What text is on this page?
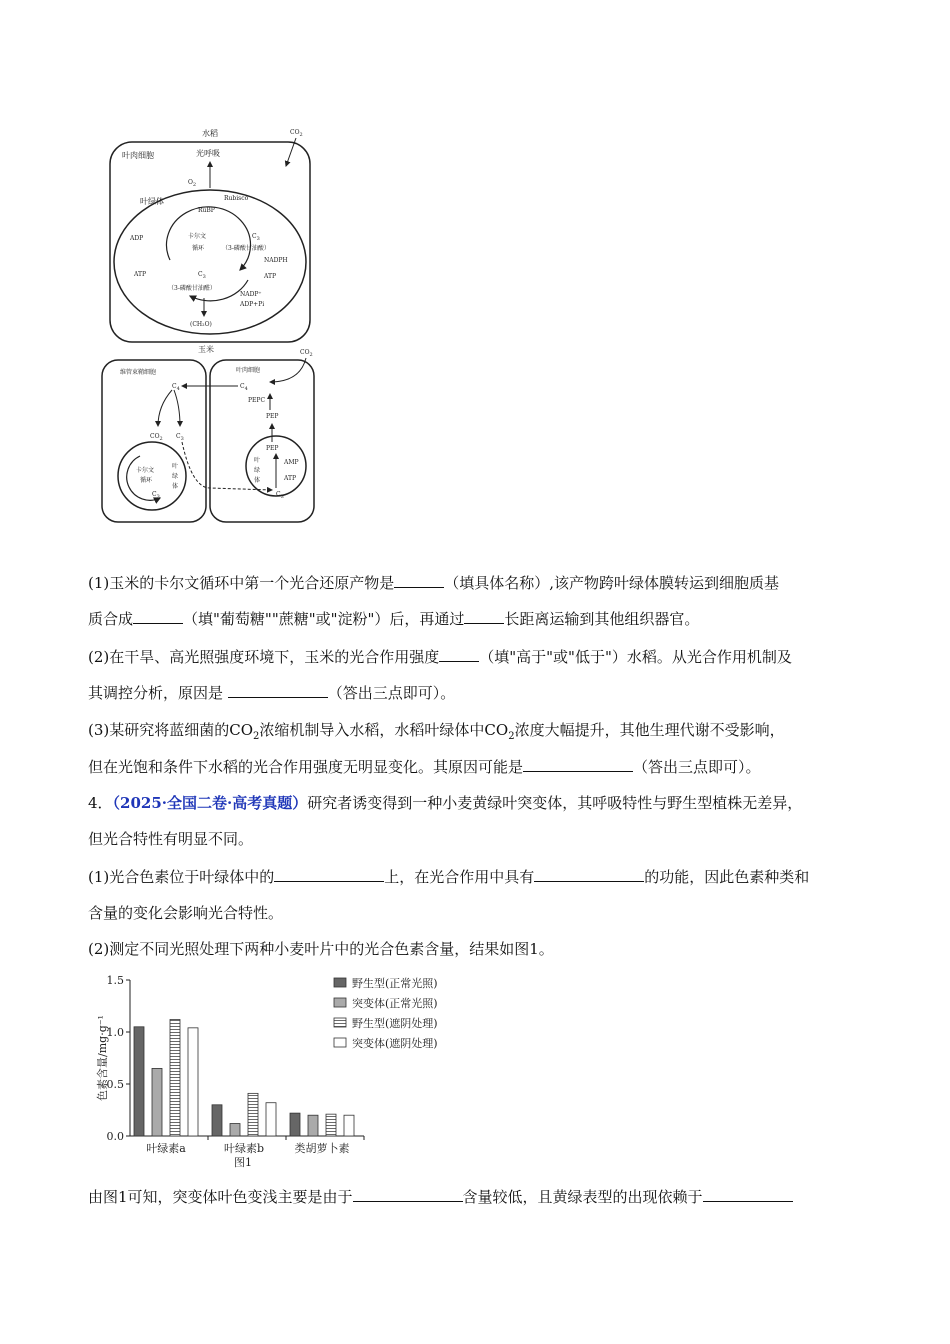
水稻	$CO_2$
叶肉细胞	光呼吸
$O_2$
Rubisco
叶绿体
RuBP
卡尔文
循环
$C_3$
（3-磷酸甘油酸）
ADP
ATP
NADPH
ATP
$C_3$
（3-磷酸甘油醛）
NADP⁺
ADP+Pi
(CH₂O)
玉米
维管束鞘细胞	叶肉细胞
$CO_2$
$C_4$
$C_4$
PEPC
PEP
$CO_2$ $C_3$
卡尔文
循环
$C_3$
叶
绿
体
PEP
叶
绿
体
AMP
ATP
$C_3$
(1)玉米的卡尔文循环中第一个光合还原产物是	（填具体名称）,该产物跨叶绿体膜转运到细胞质基
质合成	（填"葡萄糖""蔗糖"或"淀粉"）后，再通过	长距离运输到其他组织器官。
(2)在干旱、高光照强度环境下，玉米的光合作用强度	（填"高于"或"低于"）水稻。从光合作用机制及
其调控分析，原因是	（答出三点即可）。
(3)某研究将蓝细菌的$CO_2$浓缩机制导入水稻，水稻叶绿体中$CO_2$浓度大幅提升，其他生理代谢不受影响，
但在光饱和条件下水稻的光合作用强度无明显变化。其原因可能是	（答出三点即可）。
4．（2025·全国二卷·高考真题）研究者诱变得到一种小麦黄绿叶突变体，其呼吸特性与野生型植株无差异，
但光合特性有明显不同。
(1)光合色素位于叶绿体中的	上，在光合作用中具有	的功能，因此色素种类和
含量的变化会影响光合特性。
(2)测定不同光照处理下两种小麦叶片中的光合色素含量，结果如图1。
0.0
0.5
1.0
1.5
色素含量/mg·g⁻¹
叶绿素a	叶绿素b	类胡萝卜素
图1
野生型(正常光照)
突变体(正常光照)
野生型(遮阴处理)
突变体(遮阴处理)
由图1可知，突变体叶色变浅主要是由于	含量较低，且黄绿表型的出现依赖于
